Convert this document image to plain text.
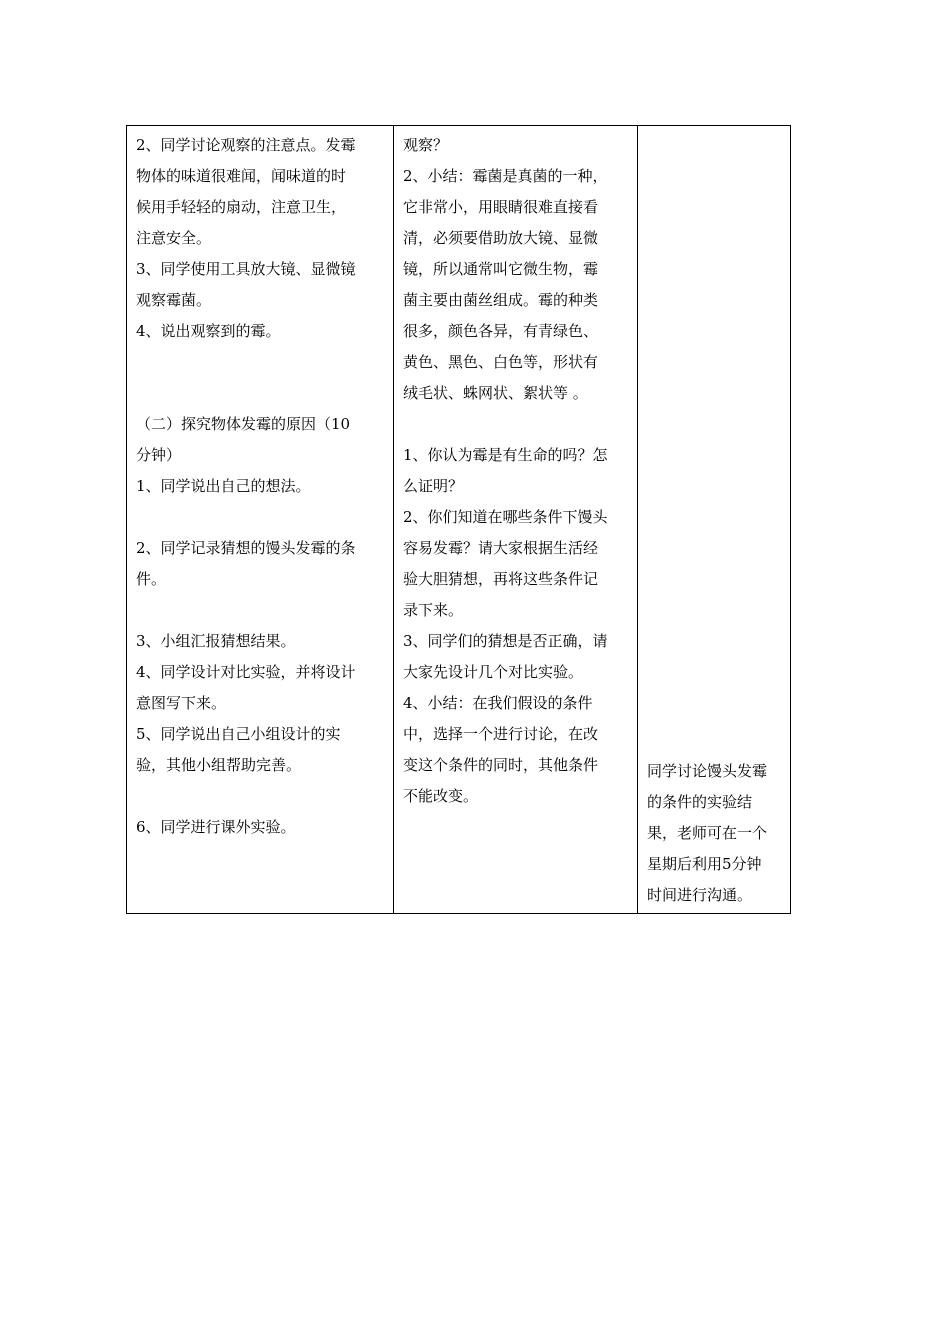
2、同学讨论观察的注意点。发霉
物体的味道很难闻，闻味道的时
候用手轻轻的扇动，注意卫生，
注意安全。
3、同学使用工具放大镜、显微镜
观察霉菌。
4、说出观察到的霉。
（二）探究物体发霉的原因（10
分钟）
1、同学说出自己的想法。
2、同学记录猜想的馒头发霉的条
件。
3、小组汇报猜想结果。
4、同学设计对比实验，并将设计
意图写下来。
5、同学说出自己小组设计的实
验，其他小组帮助完善。
6、同学进行课外实验。

观察？
2、小结：霉菌是真菌的一种，
它非常小，用眼睛很难直接看
清，必须要借助放大镜、显微
镜，所以通常叫它微生物，霉
菌主要由菌丝组成。霉的种类
很多，颜色各异，有青绿色、
黄色、黑色、白色等，形状有
绒毛状、蛛网状、絮状等 。
1、你认为霉是有生命的吗？怎
么证明？
2、你们知道在哪些条件下馒头
容易发霉？请大家根据生活经
验大胆猜想，再将这些条件记
录下来。
3、同学们的猜想是否正确，请
大家先设计几个对比实验。
4、小结：在我们假设的条件
中，选择一个进行讨论，在改
变这个条件的同时，其他条件
不能改变。

同学讨论馒头发霉
的条件的实验结
果，老师可在一个
星期后利用5分钟
时间进行沟通。
